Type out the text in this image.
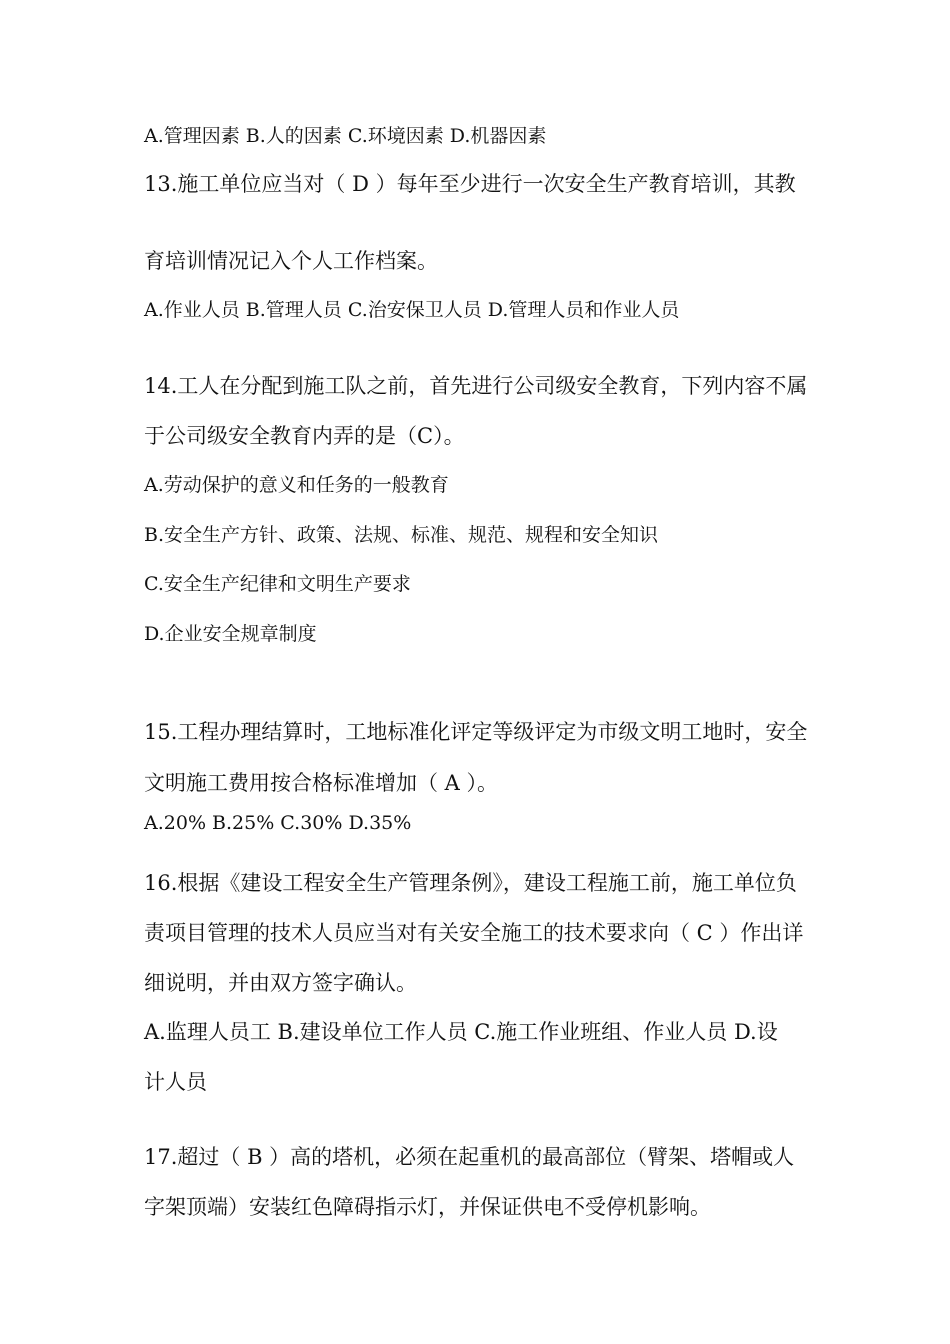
A.管理因素 B.人的因素 C.环境因素 D.机器因素
13.施工单位应当对（ D ）每年至少进行一次安全生产教育培训，其教
育培训情况记入个人工作档案。
A.作业人员 B.管理人员 C.治安保卫人员 D.管理人员和作业人员
14.工人在分配到施工队之前，首先进行公司级安全教育，下列内容不属
于公司级安全教育内弄的是（C）。
A.劳动保护的意义和任务的一般教育
B.安全生产方针、政策、法规、标准、规范、规程和安全知识
C.安全生产纪律和文明生产要求
D.企业安全规章制度
15.工程办理结算时，工地标准化评定等级评定为市级文明工地时，安全
文明施工费用按合格标准增加（ A ）。
A.20% B.25% C.30% D.35%
16.根据《建设工程安全生产管理条例》，建设工程施工前，施工单位负
责项目管理的技术人员应当对有关安全施工的技术要求向（ C ）作出详
细说明，并由双方签字确认。
A.监理人员工 B.建设单位工作人员 C.施工作业班组、作业人员 D.设
计人员
17.超过（ B ）高的塔机，必须在起重机的最高部位（臂架、塔帽或人
字架顶端）安装红色障碍指示灯，并保证供电不受停机影响。
